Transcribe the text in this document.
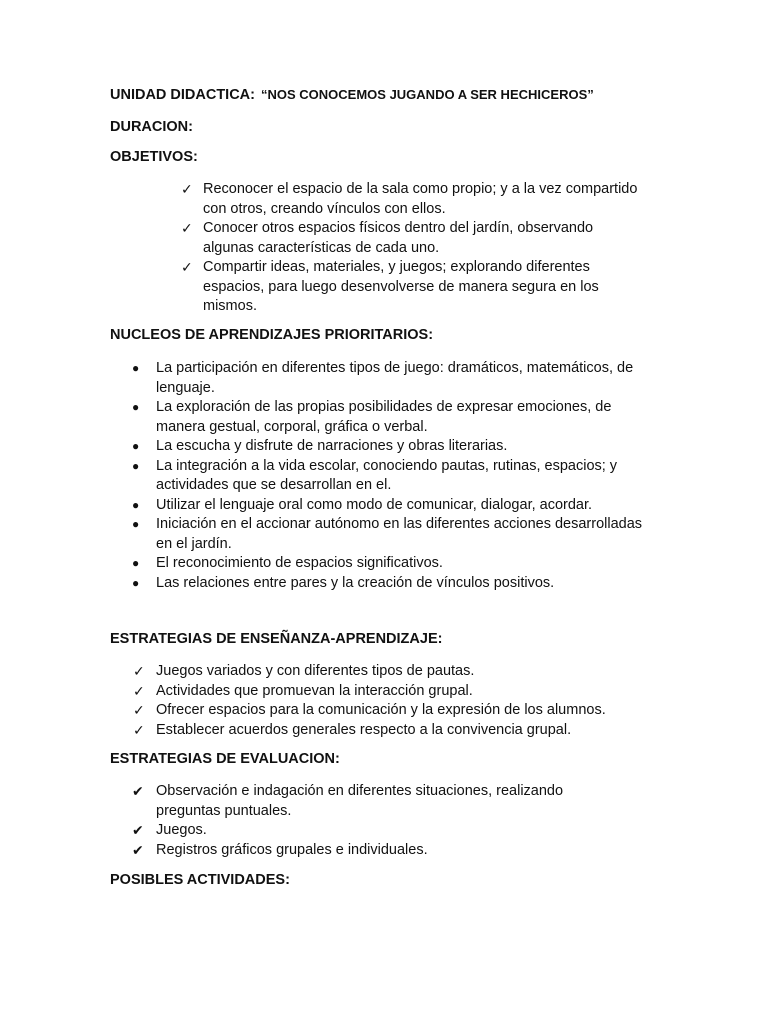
UNIDAD DIDACTICA: “NOS CONOCEMOS JUGANDO A SER HECHICEROS”
DURACION:
OBJETIVOS:
✓ Reconocer el espacio de la sala como propio; y a la vez compartido con otros, creando vínculos con ellos.
✓ Conocer otros espacios físicos dentro del jardín, observando algunas características de cada uno.
✓ Compartir ideas, materiales, y juegos; explorando diferentes espacios, para luego desenvolverse de manera segura en los mismos.
NUCLEOS DE APRENDIZAJES PRIORITARIOS:
● La participación en diferentes tipos de juego: dramáticos, matemáticos, de lenguaje.
● La exploración de las propias posibilidades de expresar emociones, de manera gestual, corporal, gráfica o verbal.
● La escucha y disfrute de narraciones y obras literarias.
● La integración a la vida escolar, conociendo pautas, rutinas, espacios; y actividades que se desarrollan en el.
● Utilizar el lenguaje oral como modo de comunicar, dialogar, acordar.
● Iniciación en el accionar autónomo en las diferentes acciones desarrolladas en el jardín.
● El reconocimiento de espacios significativos.
● Las relaciones entre pares y la creación de vínculos positivos.
ESTRATEGIAS DE ENSEÑANZA-APRENDIZAJE:
✓ Juegos variados y con diferentes tipos de pautas.
✓ Actividades que promuevan la interacción grupal.
✓ Ofrecer espacios para la comunicación y la expresión de los alumnos.
✓ Establecer acuerdos generales respecto a la convivencia grupal.
ESTRATEGIAS DE EVALUACION:
✔ Observación e indagación en diferentes situaciones, realizando preguntas puntuales.
✔ Juegos.
✔ Registros gráficos grupales e individuales.
POSIBLES ACTIVIDADES:
